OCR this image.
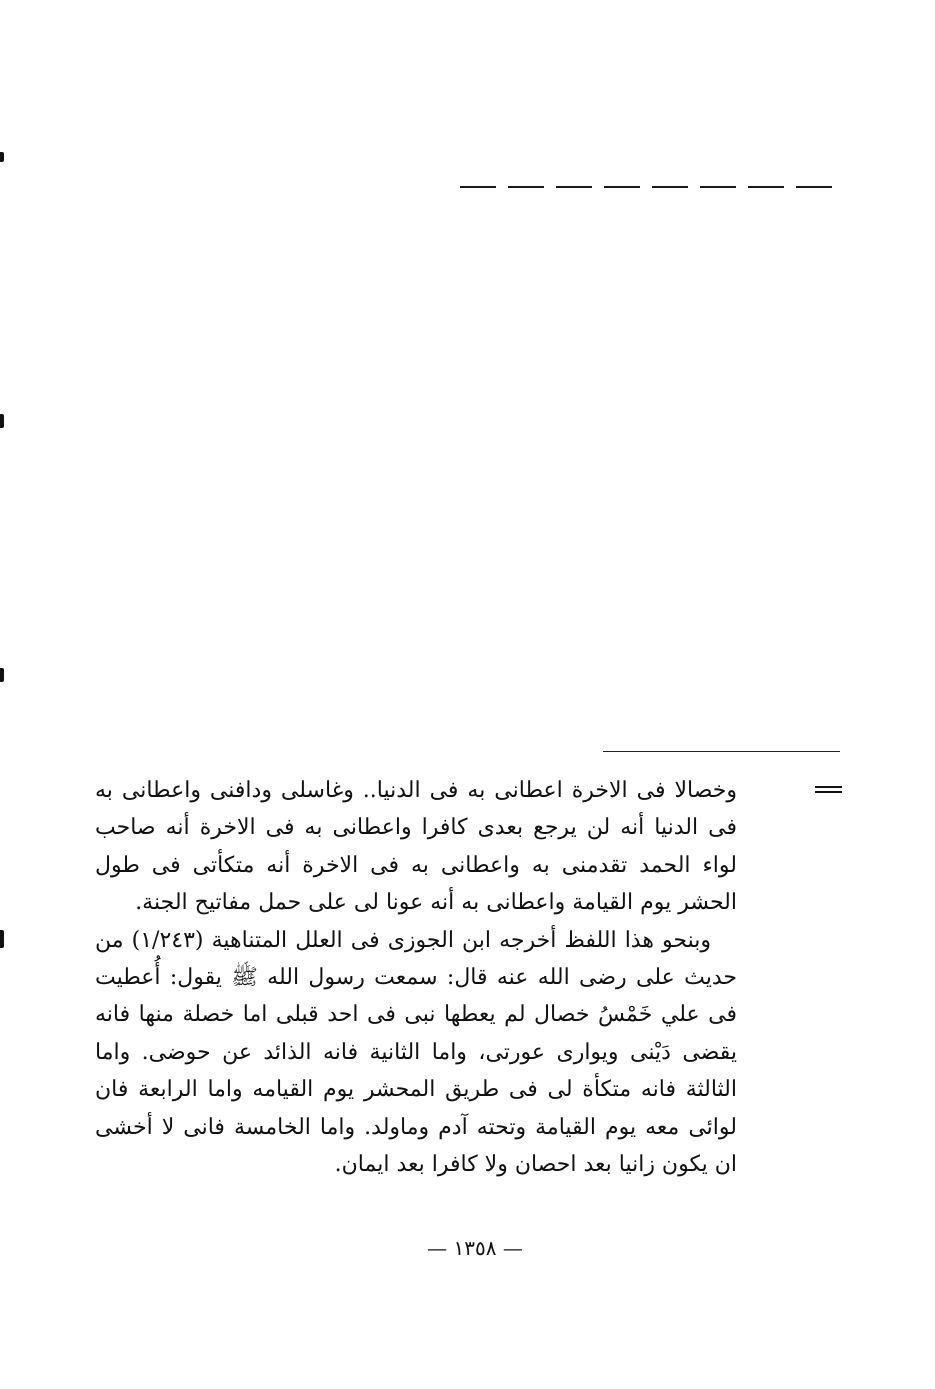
وخصالا فى الاخرة اعطانى به فى الدنيا.. وغاسلى ودافنى واعطانى به فى الدنيا أنه لن يرجع بعدى كافرا واعطانى به فى الاخرة أنه صاحب لواء الحمد تقدمنى به واعطانى به فى الاخرة أنه متكأتى فى طول الحشر يوم القيامة واعطانى به أنه عونا لى على حمل مفاتيح الجنة.

وبنحو هذا اللفظ أخرجه ابن الجوزى فى العلل المتناهية (١/٢٤٣) من حديث على رضى الله عنه قال: سمعت رسول الله ﷺ يقول: أُعطيت فى علي خَمْسُ خصال لم يعطها نبى فى احد قبلى اما خصلة منها فانه يقضى دَيْنى ويوارى عورتى، واما الثانية فانه الذائد عن حوضى. واما الثالثة فانه متكأة لى فى طريق المحشر يوم القيامه واما الرابعة فان لوائى معه يوم القيامة وتحته آدم وماولد. واما الخامسة فانى لا أخشى ان يكون زانيا بعد احصان ولا كافرا بعد ايمان.

— ١٣٥٨ —
